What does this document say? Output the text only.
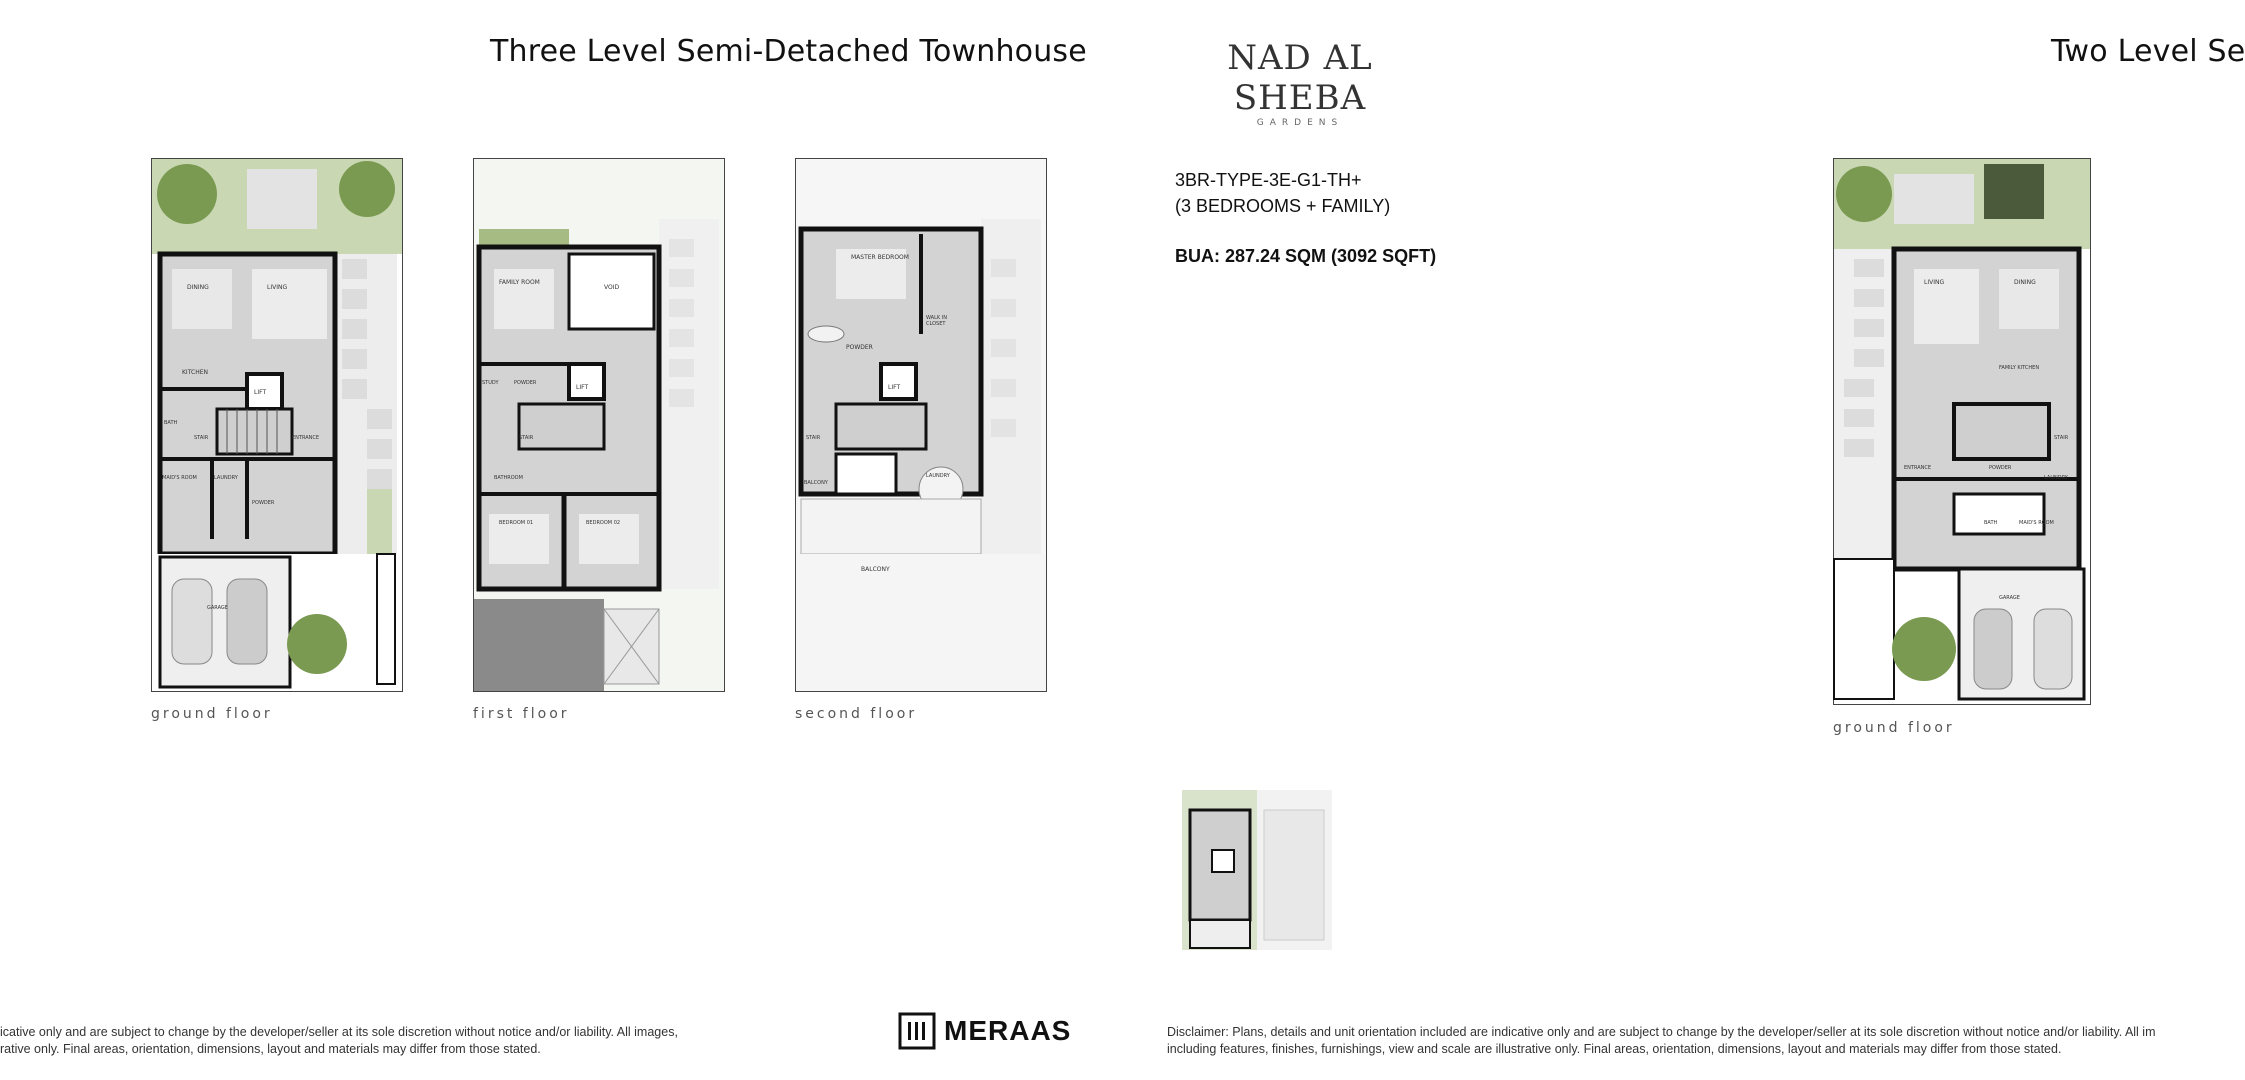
Three Level Semi-Detached Townhouse
DINING	LIVING
KITCHEN
LIFT
BATH
STAIR	ENTRANCE
MAID'S ROOM	LAUNDRY
POWDER
GARAGE
ground floor
FAMILY ROOM
VOID
STUDY	POWDER
LIFT
STAIR
BATHROOM
BEDROOM 01	BEDROOM 02
first floor
MASTER BEDROOM
WALK IN
CLOSET
POWDER
LIFT
STAIR
BALCONY
LAUNDRY
BALCONY
second floor
icative only and are subject to change by the developer/seller at its sole discretion without notice and/or liability. All images,
rative only. Final areas, orientation, dimensions, layout and materials may differ from those stated.
MERAAS
NAD AL SHEBA
GARDENS
3BR-TYPE-3E-G1-TH+
(3 BEDROOMS + FAMILY)
BUA: 287.24 SQM (3092 SQFT)
Two Level Se
LIVING	DINING
FAMILY KITCHEN
STAIR
ENTRANCE	POWDER
LAUNDRY
BATH	MAID'S ROOM
GARAGE
ground floor
Disclaimer: Plans, details and unit orientation included are indicative only and are subject to change by the developer/seller at its sole discretion without notice and/or liability. All im
including features, finishes, furnishings, view and scale are illustrative only. Final areas, orientation, dimensions, layout and materials may differ from those stated.
